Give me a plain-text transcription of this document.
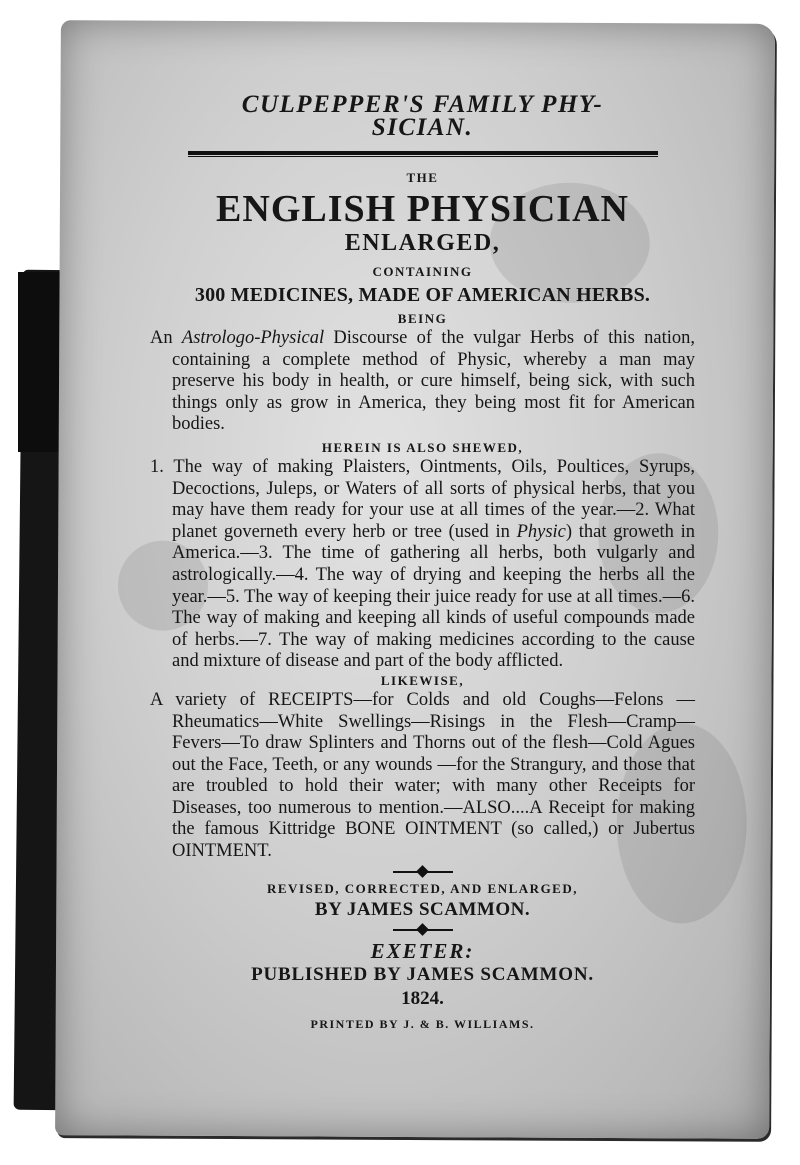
CULPEPPER'S FAMILY PHY-
SICIAN.
THE
ENGLISH PHYSICIAN
ENLARGED,
CONTAINING
300 MEDICINES, MADE OF AMERICAN HERBS.
BEING

An Astrologo-Physical Discourse of the vulgar Herbs of this nation, containing a complete method of Physic, whereby a man may preserve his body in health, or cure himself, being sick, with such things only as grow in America, they being most fit for American bodies.

HEREIN IS ALSO SHEWED,

1. The way of making Plaisters, Ointments, Oils, Poultices, Syrups, Decoctions, Juleps, or Waters of all sorts of physical herbs, that you may have them ready for your use at all times of the year.—2. What planet governeth every herb or tree (used in Physic) that groweth in America.—3. The time of gathering all herbs, both vulgarly and astrologically.—4. The way of drying and keeping the herbs all the year.—5. The way of keeping their juice ready for use at all times.—6. The way of making and keeping all kinds of useful compounds made of herbs.—7. The way of making medicines according to the cause and mixture of disease and part of the body afflicted.

LIKEWISE,

A variety of RECEIPTS—for Colds and old Coughs—Felons —Rheumatics—White Swellings—Risings in the Flesh—Cramp—Fevers—To draw Splinters and Thorns out of the flesh—Cold Agues out the Face, Teeth, or any wounds —for the Strangury, and those that are troubled to hold their water; with many other Receipts for Diseases, too numerous to mention.—ALSO....A Receipt for making the famous Kittridge BONE OINTMENT (so called,) or Jubertus OINTMENT.

REVISED, CORRECTED, AND ENLARGED,
BY JAMES SCAMMON.
EXETER:
PUBLISHED BY JAMES SCAMMON.
1824.
PRINTED BY J. & B. WILLIAMS.
